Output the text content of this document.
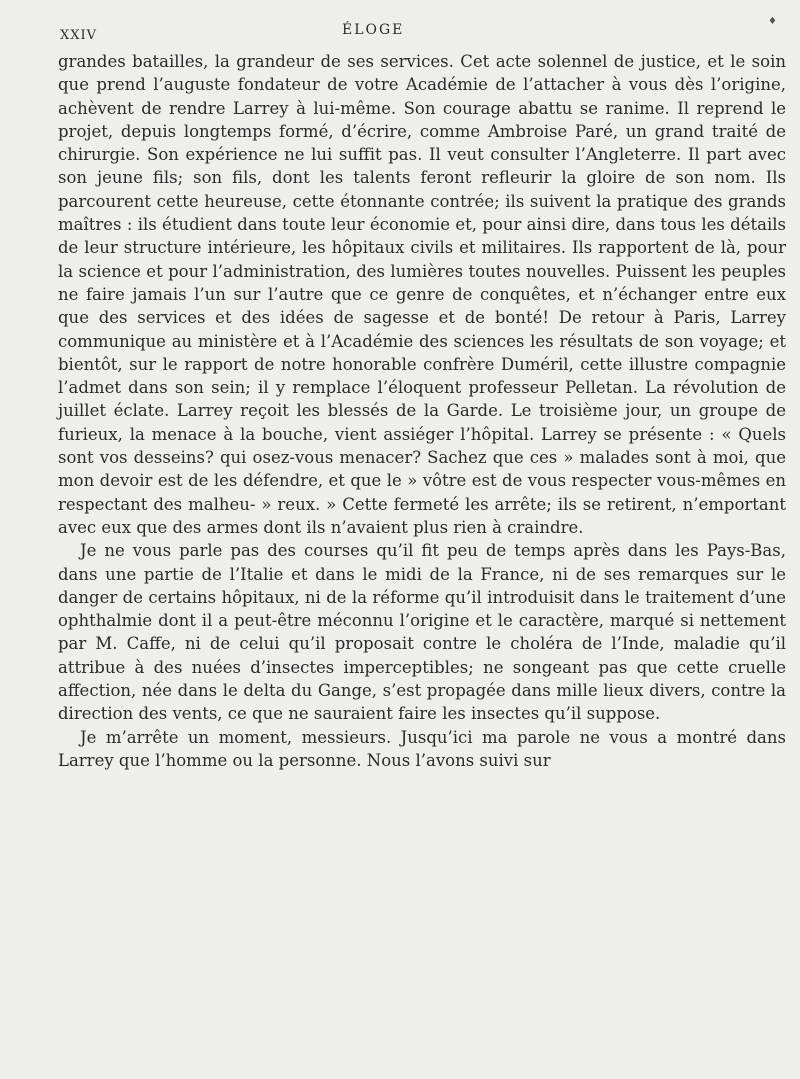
XXIV	ÉLOGE
♦

grandes batailles, la grandeur de ses services. Cet acte solennel de justice, et le soin que prend l’auguste fondateur de votre Académie de l’attacher à vous dès l’origine, achèvent de rendre Larrey à lui-même. Son courage abattu se ranime. Il reprend le projet, depuis longtemps formé, d’écrire, comme Ambroise Paré, un grand traité de chirurgie. Son expérience ne lui suffit pas. Il veut consulter l’Angleterre. Il part avec son jeune fils; son fils, dont les talents feront refleurir la gloire de son nom. Ils parcourent cette heureuse, cette étonnante contrée; ils suivent la pratique des grands maîtres : ils étudient dans toute leur économie et, pour ainsi dire, dans tous les détails de leur structure intérieure, les hôpitaux civils et militaires. Ils rapportent de là, pour la science et pour l’administration, des lumières toutes nouvelles. Puissent les peuples ne faire jamais l’un sur l’autre que ce genre de conquêtes, et n’échanger entre eux que des services et des idées de sagesse et de bonté! De retour à Paris, Larrey communique au ministère et à l’Académie des sciences les résultats de son voyage; et bientôt, sur le rapport de notre honorable confrère Duméril, cette illustre compagnie l’admet dans son sein; il y remplace l’éloquent professeur Pelletan. La révolution de juillet éclate. Larrey reçoit les blessés de la Garde. Le troisième jour, un groupe de furieux, la menace à la bouche, vient assiéger l’hôpital. Larrey se présente : « Quels sont vos desseins? qui osez-vous menacer? Sachez que ces » malades sont à moi, que mon devoir est de les défendre, et que le » vôtre est de vous respecter vous-mêmes en respectant des malheu- » reux. » Cette fermeté les arrête; ils se retirent, n’emportant avec eux que des armes dont ils n’avaient plus rien à craindre.

Je ne vous parle pas des courses qu’il fit peu de temps après dans les Pays-Bas, dans une partie de l’Italie et dans le midi de la France, ni de ses remarques sur le danger de certains hôpitaux, ni de la réforme qu’il introduisit dans le traitement d’une ophthalmie dont il a peut-être méconnu l’origine et le caractère, marqué si nettement par M. Caffe, ni de celui qu’il proposait contre le choléra de l’Inde, maladie qu’il attribue à des nuées d’insectes imperceptibles; ne songeant pas que cette cruelle affection, née dans le delta du Gange, s’est propagée dans mille lieux divers, contre la direction des vents, ce que ne sauraient faire les insectes qu’il suppose.

Je m’arrête un moment, messieurs. Jusqu’ici ma parole ne vous a montré dans Larrey que l’homme ou la personne. Nous l’avons suivi sur
